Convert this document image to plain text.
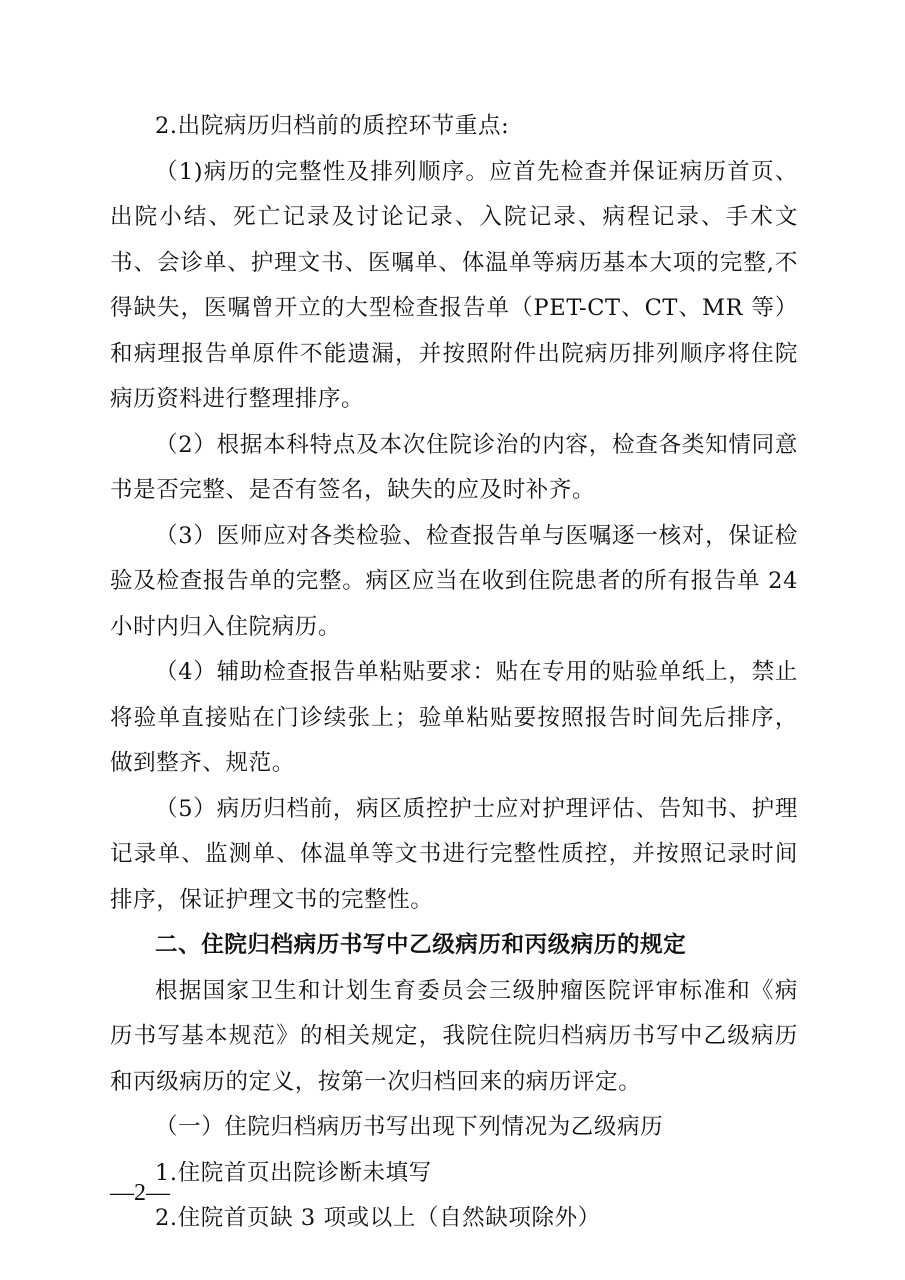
2.出院病历归档前的质控环节重点:

（1)病历的完整性及排列顺序。应首先检查并保证病历首页、出院小结、死亡记录及讨论记录、入院记录、病程记录、手术文书、会诊单、护理文书、医嘱单、体温单等病历基本大项的完整,不得缺失，医嘱曾开立的大型检查报告单（PET-CT、CT、MR 等）和病理报告单原件不能遗漏，并按照附件出院病历排列顺序将住院病历资料进行整理排序。

（2）根据本科特点及本次住院诊治的内容，检查各类知情同意书是否完整、是否有签名，缺失的应及时补齐。

（3）医师应对各类检验、检查报告单与医嘱逐一核对，保证检验及检查报告单的完整。病区应当在收到住院患者的所有报告单 24 小时内归入住院病历。

（4）辅助检查报告单粘贴要求：贴在专用的贴验单纸上，禁止将验单直接贴在门诊续张上；验单粘贴要按照报告时间先后排序，做到整齐、规范。

（5）病历归档前，病区质控护士应对护理评估、告知书、护理记录单、监测单、体温单等文书进行完整性质控，并按照记录时间排序，保证护理文书的完整性。

二、住院归档病历书写中乙级病历和丙级病历的规定

根据国家卫生和计划生育委员会三级肿瘤医院评审标准和《病历书写基本规范》的相关规定，我院住院归档病历书写中乙级病历和丙级病历的定义，按第一次归档回来的病历评定。

（一）住院归档病历书写出现下列情况为乙级病历

1.住院首页出院诊断未填写

2.住院首页缺 3 项或以上（自然缺项除外）

—2—
